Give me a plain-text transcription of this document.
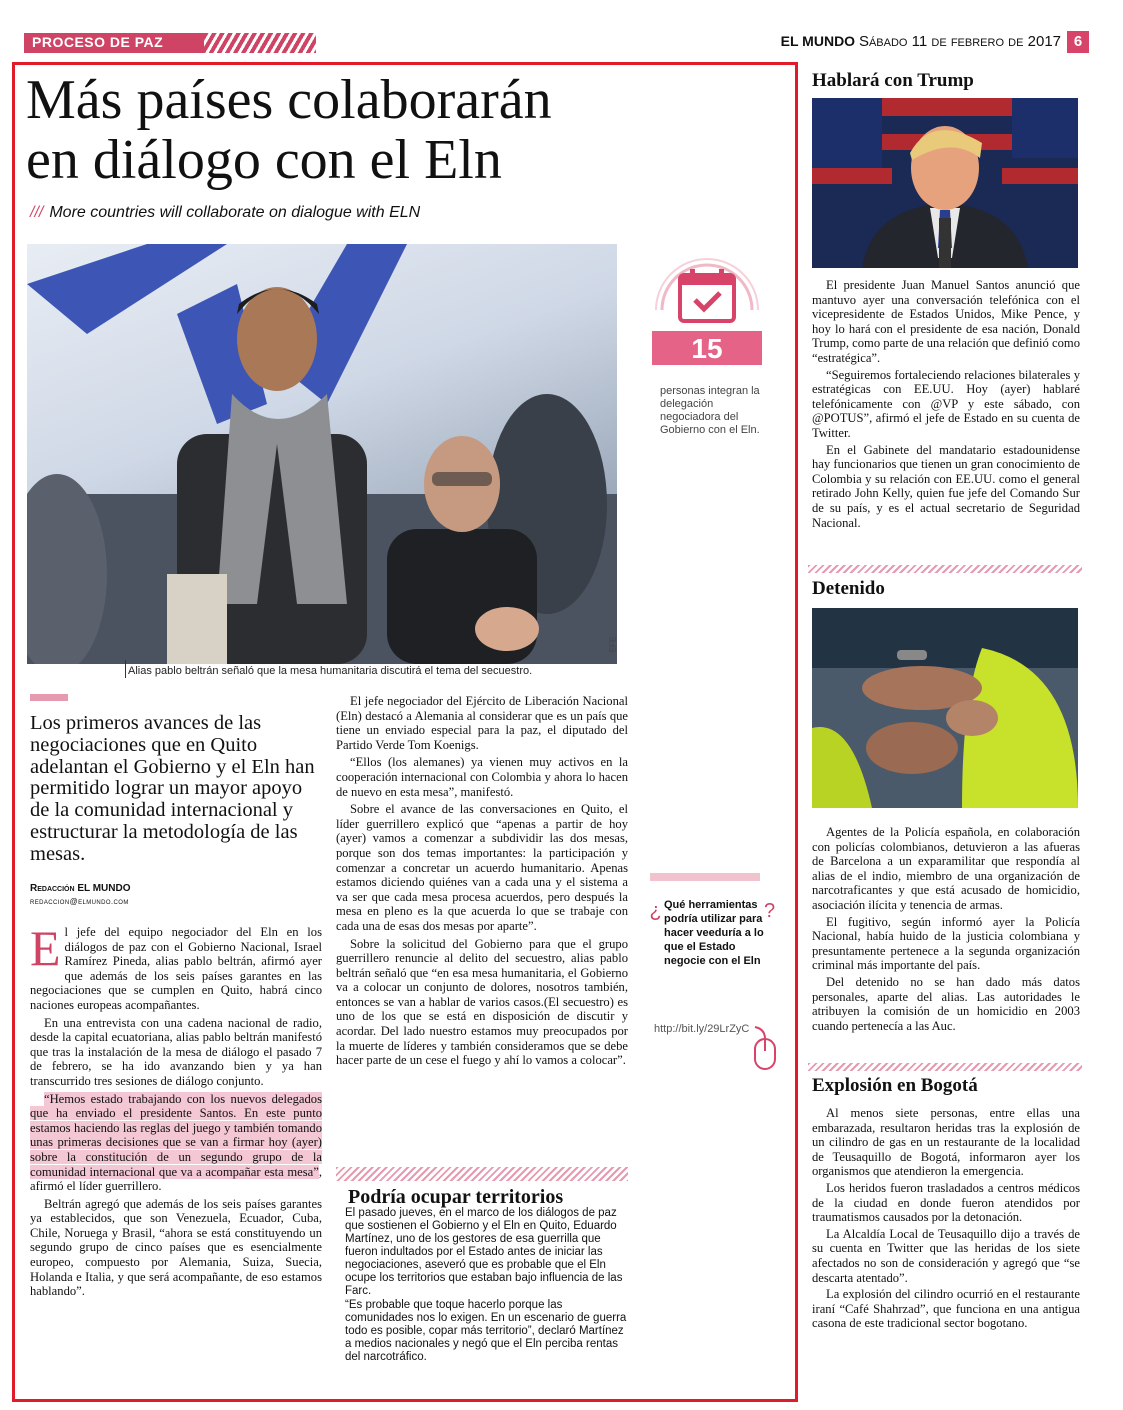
PROCESO DE PAZ	EL MUNDO Sábado 11 de febrero de 2017 6
Más países colaborarán
en diálogo con el Eln
/// More countries will collaborate on dialogue with ELN
Alias pablo beltrán señaló que la mesa humanitaria discutirá el tema del secuestro.
EFE
15
personas integran la delegación negociadora del Gobierno con el Eln.
Los primeros avances de las negociaciones que en Quito adelantan el Gobierno y el Eln han permitido lograr un mayor apoyo de la comunidad internacional y estructurar la metodología de las mesas.
Redacción EL MUNDO
redaccion@elmundo.com

El jefe del equipo negociador del Eln en los diálogos de paz con el Gobierno Nacional, Israel Ramírez Pineda, alias pablo beltrán, afirmó ayer que además de los seis países garantes en las negociaciones que se cumplen en Quito, habrá cinco naciones europeas acompañantes.

En una entrevista con una cadena nacional de radio, desde la capital ecuatoriana, alias pablo beltrán manifestó que tras la instalación de la mesa de diálogo el pasado 7 de febrero, se ha ido avanzando bien y ya han transcurrido tres sesiones de diálogo conjunto.

“Hemos estado trabajando con los nuevos delegados que ha enviado el presidente Santos. En este punto estamos haciendo las reglas del juego y también tomando unas primeras decisiones que se van a firmar hoy (ayer) sobre la constitución de un segundo grupo de la comunidad internacional que va a acompañar esta mesa”, afirmó el líder guerrillero.

Beltrán agregó que además de los seis países garantes ya establecidos, que son Venezuela, Ecuador, Cuba, Chile, Noruega y Brasil, “ahora se está constituyendo un segundo grupo de cinco países que es esencialmente europeo, compuesto por Alemania, Suiza, Suecia, Holanda e Italia, y que será acompañante, de eso estamos hablando”.

El jefe negociador del Ejército de Liberación Nacional (Eln) destacó a Alemania al considerar que es un país que tiene un enviado especial para la paz, el diputado del Partido Verde Tom Koenigs.

“Ellos (los alemanes) ya vienen muy activos en la cooperación internacional con Colombia y ahora lo hacen de nuevo en esta mesa”, manifestó.

Sobre el avance de las conversaciones en Quito, el líder guerrillero explicó que “apenas a partir de hoy (ayer) vamos a comenzar a subdividir las dos mesas, porque son dos temas importantes: la participación y comenzar a concretar un acuerdo humanitario. Apenas estamos diciendo quiénes van a cada una y el sistema a va ser que cada mesa procesa acuerdos, pero después la mesa en pleno es la que acuerda lo que se trabaje con cada una de esas dos mesas por aparte”.

Sobre la solicitud del Gobierno para que el grupo guerrillero renuncie al delito del secuestro, alias pablo beltrán señaló que “en esa mesa humanitaria, el Gobierno va a colocar un conjunto de dolores, nosotros también, entonces se van a hablar de varios casos.(El secuestro) es uno de los que se está en disposición de discutir y acordar. Del lado nuestro estamos muy preocupados por la muerte de líderes y también consideramos que se debe hacer parte de un cese el fuego y ahí lo vamos a colocar”.

Podría ocupar territorios

El pasado jueves, en el marco de los diálogos de paz que sostienen el Gobierno y el Eln en Quito, Eduardo Martínez, uno de los gestores de esa guerrilla que fueron indultados por el Estado antes de iniciar las negociaciones, aseveró que es probable que el Eln ocupe los territorios que estaban bajo influencia de las Farc.

“Es probable que toque hacerlo porque las comunidades nos lo exigen. En un escenario de guerra todo es posible, copar más territorio”, declaró Martínez a medios nacionales y negó que el Eln perciba rentas del narcotráfico.

?	?
Qué herramientas podría utilizar para hacer veeduría a lo que el Estado negocie con el Eln
http://bit.ly/29LrZyC
Hablará con Trump

El presidente Juan Manuel Santos anunció que mantuvo ayer una conversación telefónica con el vicepresidente de Estados Unidos, Mike Pence, y hoy lo hará con el presidente de esa nación, Donald Trump, como parte de una relación que definió como “estratégica”.

“Seguiremos fortaleciendo relaciones bilaterales y estratégicas con EE.UU. Hoy (ayer) hablaré telefónicamente con @VP y este sábado, con @POTUS”, afirmó el jefe de Estado en su cuenta de Twitter.

En el Gabinete del mandatario estadounidense hay funcionarios que tienen un gran conocimiento de Colombia y su relación con EE.UU. como el general retirado John Kelly, quien fue jefe del Comando Sur de su país, y es el actual secretario de Seguridad Nacional.

Detenido

Agentes de la Policía española, en colaboración con policías colombianos, detuvieron a las afueras de Barcelona a un exparamilitar que respondía al alias de el indio, miembro de una organización de narcotraficantes y que está acusado de homicidio, asociación ilícita y tenencia de armas.

El fugitivo, según informó ayer la Policía Nacional, había huido de la justicia colombiana y presuntamente pertenece a la segunda organización criminal más importante del país.

Del detenido no se han dado más datos personales, aparte del alias. Las autoridades le atribuyen la comisión de un homicidio en 2003 cuando pertenecía a las Auc.

Explosión en Bogotá

Al menos siete personas, entre ellas una embarazada, resultaron heridas tras la explosión de un cilindro de gas en un restaurante de la localidad de Teusaquillo de Bogotá, informaron ayer los organismos que atendieron la emergencia.

Los heridos fueron trasladados a centros médicos de la ciudad en donde fueron atendidos por traumatismos causados por la detonación.

La Alcaldía Local de Teusaquillo dijo a través de su cuenta en Twitter que las heridas de los siete afectados no son de consideración y agregó que “se descarta atentado”.

La explosión del cilindro ocurrió en el restaurante iraní “Café Shahrzad”, que funciona en una antigua casona de este tradicional sector bogotano.
